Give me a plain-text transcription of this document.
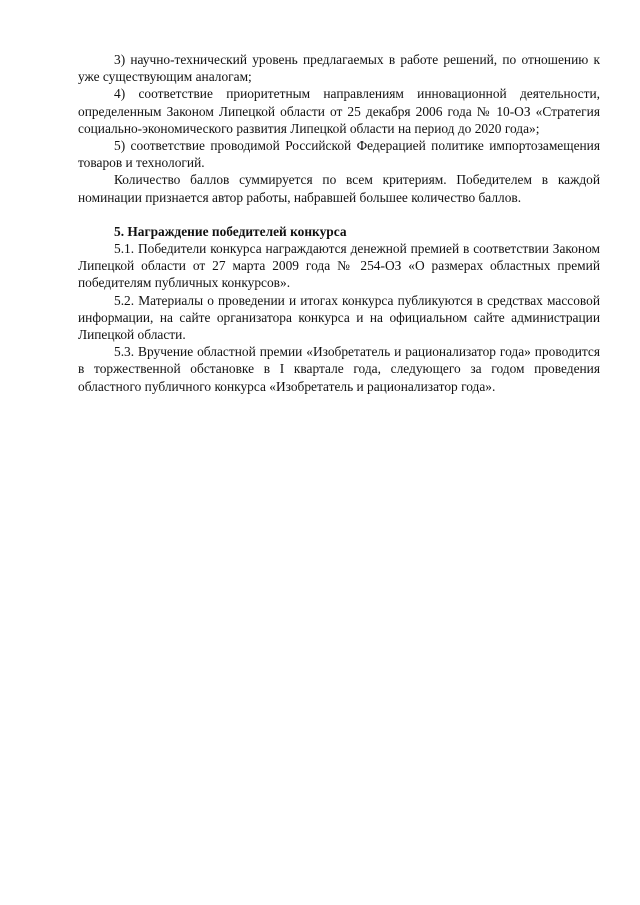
3) научно-технический уровень предлагаемых в работе решений, по отношению к уже существующим аналогам;

4) соответствие приоритетным направлениям инновационной деятельности, определенным Законом Липецкой области от 25 декабря 2006 года № 10-ОЗ «Стратегия социально-экономического развития Липецкой области на период до 2020 года»;

5) соответствие проводимой Российской Федерацией политике импортозамещения товаров и технологий.

Количество баллов суммируется по всем критериям. Победителем в каждой номинации признается автор работы, набравшей большее количество баллов.

5. Награждение победителей конкурса

5.1. Победители конкурса награждаются денежной премией в соответствии Законом Липецкой области от 27 марта 2009 года № 254-ОЗ «О размерах областных премий победителям публичных конкурсов».

5.2. Материалы о проведении и итогах конкурса публикуются в средствах массовой информации, на сайте организатора конкурса и на официальном сайте администрации Липецкой области.

5.3. Вручение областной премии «Изобретатель и рационализатор года» проводится в торжественной обстановке в I квартале года, следующего за годом проведения областного публичного конкурса «Изобретатель и рационализатор года».
